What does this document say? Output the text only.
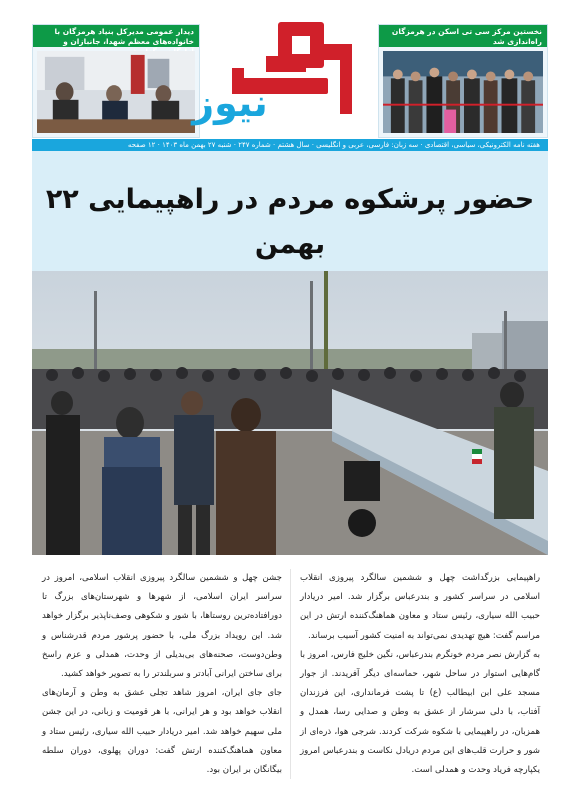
دیدار عمومی مدیرکل بنیاد هرمزگان با خانواده‌های معظم شهدا، جانبازان و
نیوز
نخستین مرکز سی تی اسکن در هرمزگان راه‌اندازی شد
هفته نامه الکترونیکی، سیاسی، اقتصادی · سه زبان: فارسی، عربی و انگلیسی · سال هشتم · شماره ۲۴۷ · شنبه ۲۷ بهمن ماه ۱۴۰۳ · ۱۲ صفحه
حضور پرشکوه مردم در راهپیمایی ۲۲ بهمن

راهپیمایی بزرگداشت چهل و ششمین سالگرد پیروزی انقلاب اسلامی در سراسر کشور و بندرعباس برگزار شد. امیر دریادار حبیب الله سیاری، رئیس ستاد و معاون هماهنگ‌کننده ارتش در این مراسم گفت: هیچ تهدیدی نمی‌تواند به امنیت کشور آسیب برساند.

به گزارش نصر مردم خونگرم بندرعباس، نگین خلیج فارس، امروز با گام‌هایی استوار در ساحل شهر، حماسه‌ای دیگر آفریدند. از جوار مسجد علی ابن ابیطالب (ع) تا پشت فرمانداری، این فرزندان آفتاب، با دلی سرشار از عشق به وطن و صدایی رسا، همدل و همزبان، در راهپیمایی با شکوه شرکت کردند. شرجی هوا، ذره‌ای از شور و حرارت قلب‌های این مردم دریادل نکاست و بندرعباس امروز یکپارچه فریاد وحدت و همدلی است.

جشن چهل و ششمین سالگرد پیروزی انقلاب اسلامی، امروز در سراسر ایران اسلامی، از شهرها و شهرستان‌های بزرگ تا دورافتاده‌ترین روستاها، با شور و شکوهی وصف‌ناپذیر برگزار خواهد شد. این رویداد بزرگ ملی، با حضور پرشور مردم قدرشناس و وطن‌دوست، صحنه‌های بی‌بدیلی از وحدت، همدلی و عزم راسخ برای ساختن ایرانی آبادتر و سربلندتر را به تصویر خواهد کشید.

جای جای ایران، امروز شاهد تجلی عشق به وطن و آرمان‌های انقلاب خواهد بود و هر ایرانی، با هر قومیت و زبانی، در این جشن ملی سهیم خواهد شد. امیر دریادار حبیب الله سیاری، رئیس ستاد و معاون هماهنگ‌کننده ارتش گفت: دوران پهلوی، دوران سلطه بیگانگان بر ایران بود.
